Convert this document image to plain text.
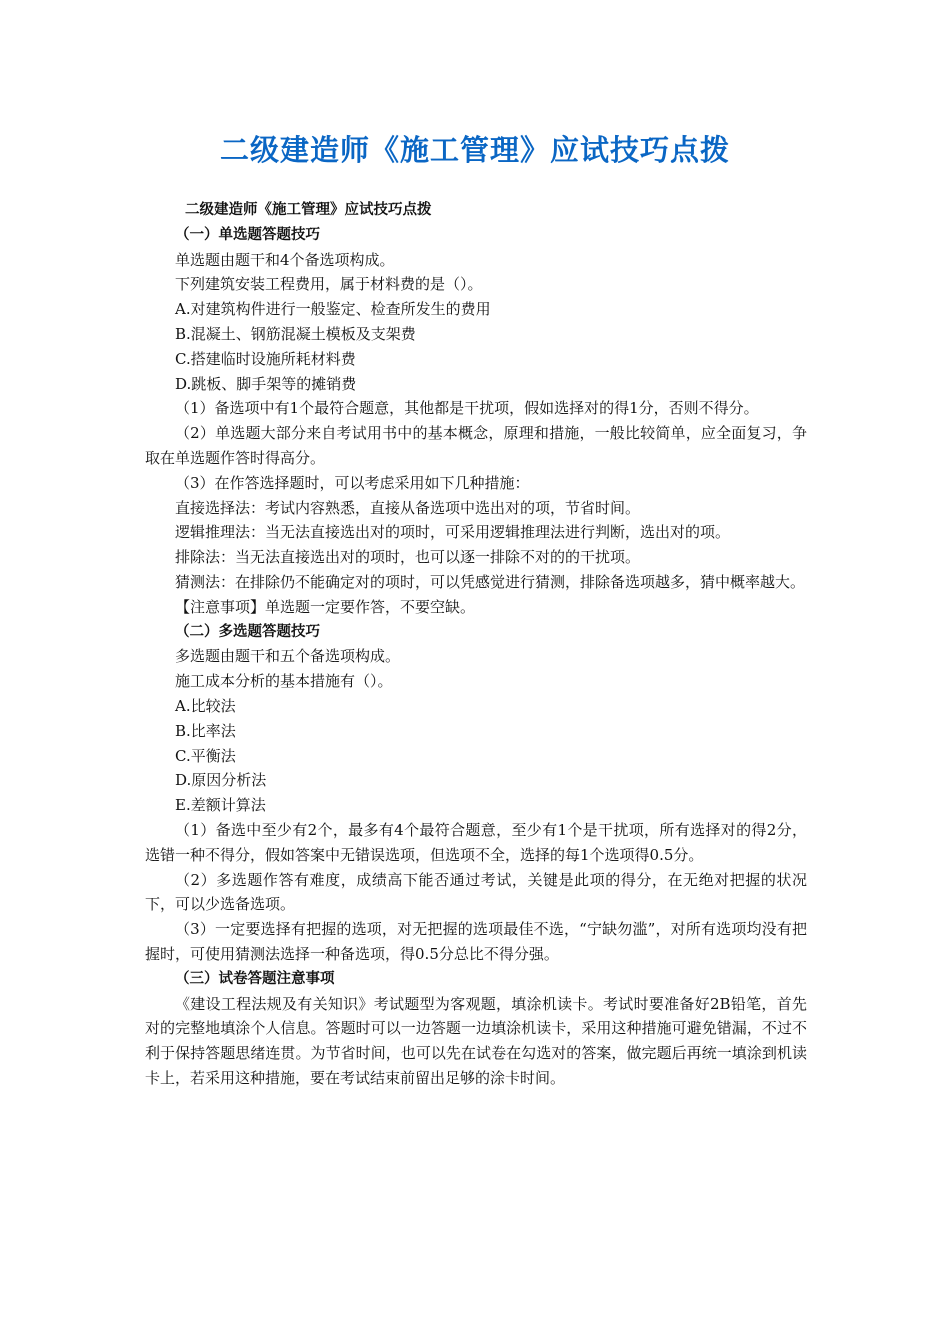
二级建造师《施工管理》应试技巧点拨

二级建造师《施工管理》应试技巧点拨

（一）单选题答题技巧

单选题由题干和4个备选项构成。

下列建筑安装工程费用，属于材料费的是（）。

A.对建筑构件进行一般鉴定、检查所发生的费用

B.混凝土、钢筋混凝土模板及支架费

C.搭建临时设施所耗材料费

D.跳板、脚手架等的摊销费

（1）备选项中有1个最符合题意，其他都是干扰项，假如选择对的得1分，否则不得分。

（2）单选题大部分来自考试用书中的基本概念，原理和措施，一般比较简单，应全面复习，争取在单选题作答时得高分。

（3）在作答选择题时，可以考虑采用如下几种措施：

直接选择法：考试内容熟悉，直接从备选项中选出对的项，节省时间。

逻辑推理法：当无法直接选出对的项时，可采用逻辑推理法进行判断，选出对的项。

排除法：当无法直接选出对的项时，也可以逐一排除不对的的干扰项。

猜测法：在排除仍不能确定对的项时，可以凭感觉进行猜测，排除备选项越多，猜中概率越大。

【注意事项】单选题一定要作答，不要空缺。

（二）多选题答题技巧

多选题由题干和五个备选项构成。

施工成本分析的基本措施有（）。

A.比较法

B.比率法

C.平衡法

D.原因分析法

E.差额计算法

（1）备选中至少有2个，最多有4个最符合题意，至少有1个是干扰项，所有选择对的得2分，选错一种不得分，假如答案中无错误选项，但选项不全，选择的每1个选项得0.5分。

（2）多选题作答有难度，成绩高下能否通过考试，关键是此项的得分，在无绝对把握的状况下，可以少选备选项。

（3）一定要选择有把握的选项，对无把握的选项最佳不选，“宁缺勿滥”，对所有选项均没有把握时，可使用猜测法选择一种备选项，得0.5分总比不得分强。

（三）试卷答题注意事项

《建设工程法规及有关知识》考试题型为客观题，填涂机读卡。考试时要准备好2B铅笔，首先对的完整地填涂个人信息。答题时可以一边答题一边填涂机读卡，采用这种措施可避免错漏，不过不利于保持答题思绪连贯。为节省时间，也可以先在试卷在勾选对的答案，做完题后再统一填涂到机读卡上，若采用这种措施，要在考试结束前留出足够的涂卡时间。
